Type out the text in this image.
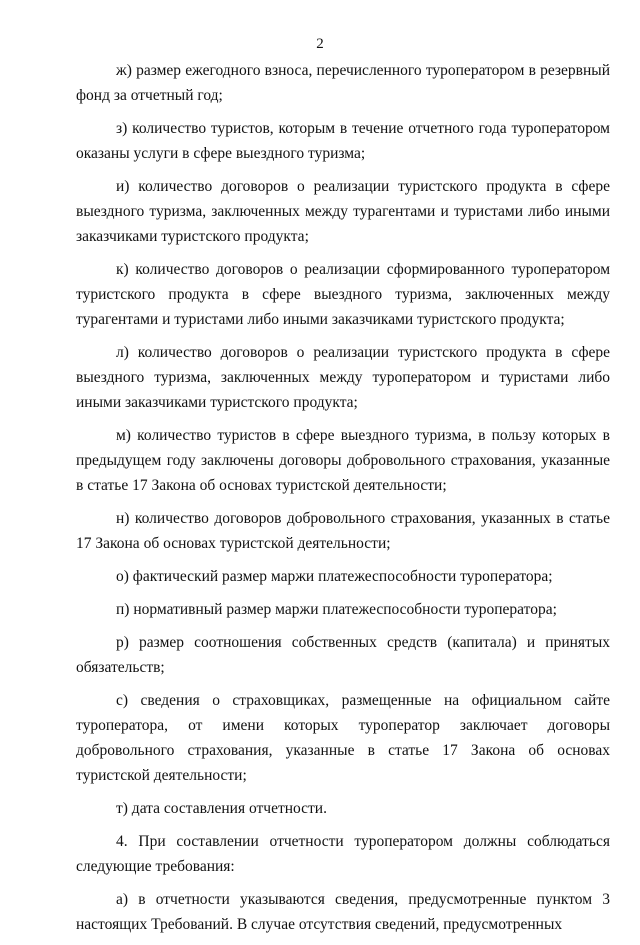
2

ж) размер ежегодного взноса, перечисленного туроператором в резервный фонд за отчетный год;

з) количество туристов, которым в течение отчетного года туроператором оказаны услуги в сфере выездного туризма;

и) количество договоров о реализации туристского продукта в сфере выездного туризма, заключенных между турагентами и туристами либо иными заказчиками туристского продукта;

к) количество договоров о реализации сформированного туроператором туристского продукта в сфере выездного туризма, заключенных между турагентами и туристами либо иными заказчиками туристского продукта;

л) количество договоров о реализации туристского продукта в сфере выездного туризма, заключенных между туроператором и туристами либо иными заказчиками туристского продукта;

м) количество туристов в сфере выездного туризма, в пользу которых в предыдущем году заключены договоры добровольного страхования, указанные в статье 17 Закона об основах туристской деятельности;

н) количество договоров добровольного страхования, указанных в статье 17 Закона об основах туристской деятельности;

о) фактический размер маржи платежеспособности туроператора;

п) нормативный размер маржи платежеспособности туроператора;

р) размер соотношения собственных средств (капитала) и принятых обязательств;

с) сведения о страховщиках, размещенные на официальном сайте туроператора, от имени которых туроператор заключает договоры добровольного страхования, указанные в статье 17 Закона об основах туристской деятельности;

т) дата составления отчетности.

4. При составлении отчетности туроператором должны соблюдаться следующие требования:

а) в отчетности указываются сведения, предусмотренные пунктом 3 настоящих Требований. В случае отсутствия сведений, предусмотренных
